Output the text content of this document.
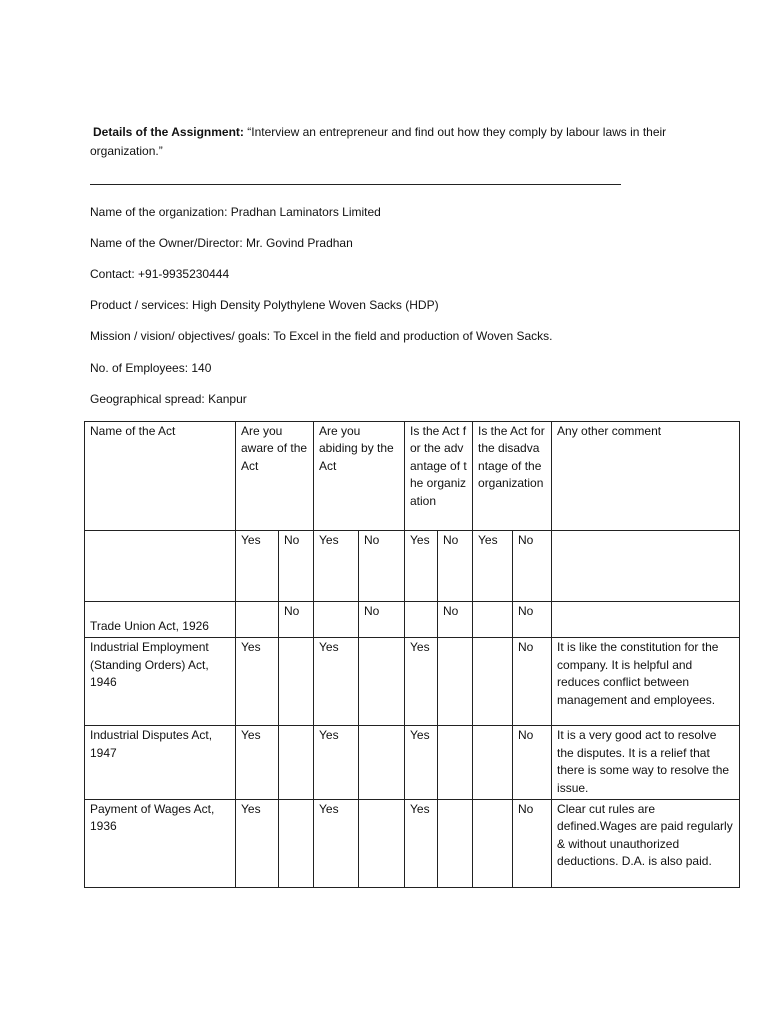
Details of the Assignment: “Interview an entrepreneur and find out how they comply by labour laws in their organization.”
Name of the organization: Pradhan Laminators Limited
Name of the Owner/Director: Mr. Govind Pradhan
Contact: +91-9935230444
Product / services: High Density Polythylene Woven Sacks (HDP)
Mission / vision/ objectives/ goals: To Excel in the field and production of Woven Sacks.
No. of Employees: 140
Geographical spread: Kanpur
Name of the Act	Are you aware of the Act		Are you abiding by the Act		Is the Act for the advantage of the organization		Is the Act for the disadvantage of the organization		Any other comment
	Yes	No	Yes	No	Yes	No	Yes	No	

Trade Union Act, 1926		No		No		No		No	
Industrial Employment (Standing Orders) Act, 1946	Yes		Yes		Yes			No	It is like the constitution for the company. It is helpful and reduces conflict between management and employees.
Industrial Disputes Act, 1947	Yes		Yes		Yes			No	It is a very good act to resolve the disputes. It is a relief that there is some way to resolve the issue.
Payment of Wages Act, 1936	Yes		Yes		Yes			No	Clear cut rules are defined.Wages are paid regularly & without unauthorized deductions. D.A. is also paid.
